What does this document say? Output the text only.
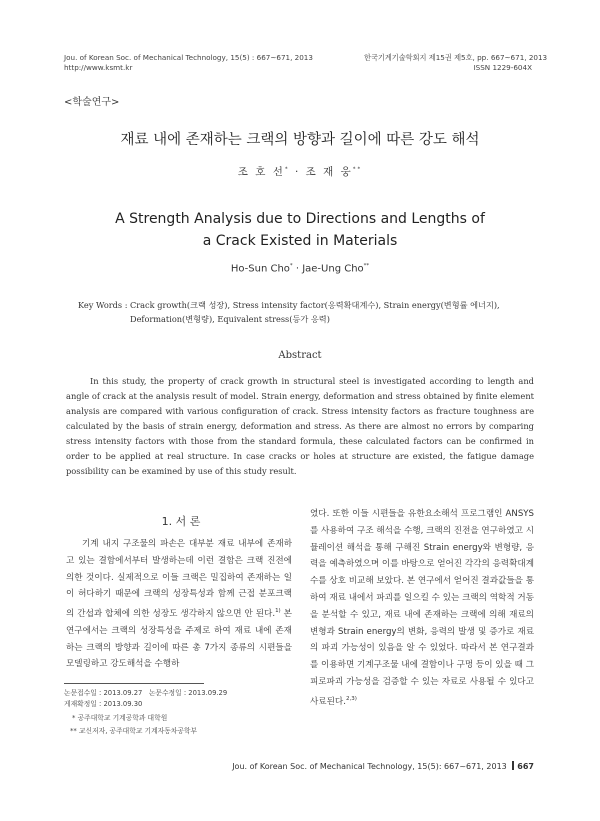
Jou. of Korean Soc. of Mechanical Technology, 15(5) : 667~671, 2013
http://www.ksmt.kr
한국기계기술학회지 제15권 제5호, pp. 667~671, 2013
ISSN 1229-604X
<학술연구>
재료 내에 존재하는 크랙의 방향과 길이에 따른 강도 해석
조 호 선* · 조 재 웅**
A Strength Analysis due to Directions and Lengths of
a Crack Existed in Materials
Ho-Sun Cho* · Jae-Ung Cho**
Key Words : Crack growth(크랙 성장), Stress intensity factor(응력확대계수), Strain energy(변형률 에너지),
Deformation(변형량), Equivalent stress(등가 응력)
Abstract
In this study, the property of crack growth in structural steel is investigated according to length and angle of crack at the analysis result of model. Strain energy, deformation and stress obtained by finite element analysis are compared with various configuration of crack. Stress intensity factors as fracture toughness are calculated by the basis of strain energy, deformation and stress. As there are almost no errors by comparing stress intensity factors with those from the standard formula, these calculated factors can be confirmed in order to be applied at real structure. In case cracks or holes at structure are existed, the fatigue damage possibility can be examined by use of this study result.
1. 서 론

기계 내지 구조물의 파손은 대부분 재료 내부에 존재하고 있는 결함에서부터 발생하는데 이런 결함은 크랙 진전에 의한 것이다. 실제적으로 이들 크랙은 밀집하여 존재하는 일이 허다하기 때문에 크랙의 성장특성과 함께 근접 분포크랙의 간섭과 합체에 의한 성장도 생각하지 않으면 안 된다.$^{1)}$ 본 연구에서는 크랙의 성장특성을 주제로 하여 재료 내에 존재하는 크랙의 방향과 길이에 따른 총 7가지 종류의 시편들을 모델링하고 강도해석을 수행하

였다. 또한 이들 시편들을 유한요소해석 프로그램인 ANSYS를 사용하여 구조 해석을 수행, 크랙의 진전을 연구하였고 시뮬레이션 해석을 통해 구해진 Strain energy와 변형량, 응력을 예측하였으며 이를 바탕으로 얻어진 각각의 응력확대계수를 상호 비교해 보았다. 본 연구에서 얻어진 결과값들을 통하여 재료 내에서 파괴를 일으킬 수 있는 크랙의 역학적 거동을 분석할 수 있고, 재료 내에 존재하는 크랙에 의해 재료의 변형과 Strain energy의 변화, 응력의 발생 및 증가로 재료의 파괴 가능성이 있음을 알 수 있었다. 따라서 본 연구결과를 이용하면 기계구조물 내에 결함이나 구멍 등이 있을 때 그 피로파괴 가능성을 검증할 수 있는 자료로 사용될 수 있다고 사료된다.$^{2,3)}$

논문접수일 : 2013.09.27 논문수정일 : 2013.09.29
게재확정일 : 2013.09.30
* 공주대학교 기계공학과 대학원
** 교신저자, 공주대학교 기계자동차공학부
Jou. of Korean Soc. of Mechanical Technology, 15(5): 667~671, 2013 667
